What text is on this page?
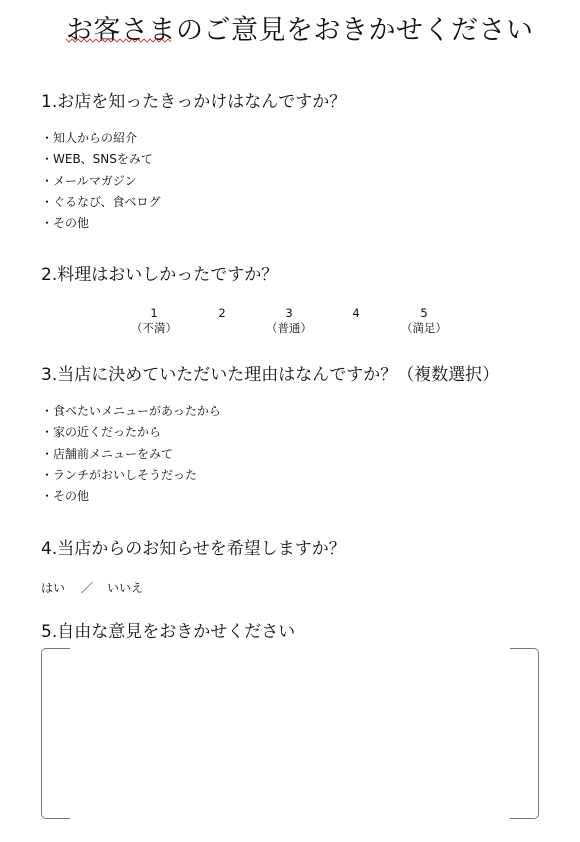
お客さまのご意見をおきかせください
1.お店を知ったきっかけはなんですか？
・知人からの紹介
・WEB、SNSをみて
・メールマガジン
・ぐるなび、食べログ
・その他
2.料理はおいしかったですか？
1
（不満）
2	3
（普通）
4	5
（満足）
3.当店に決めていただいた理由はなんですか？（複数選択）
・食べたいメニューがあったから
・家の近くだったから
・店舗前メニューをみて
・ランチがおいしそうだった
・その他
4.当店からのお知らせを希望しますか？
はい ／ いいえ
5.自由な意見をおきかせください
